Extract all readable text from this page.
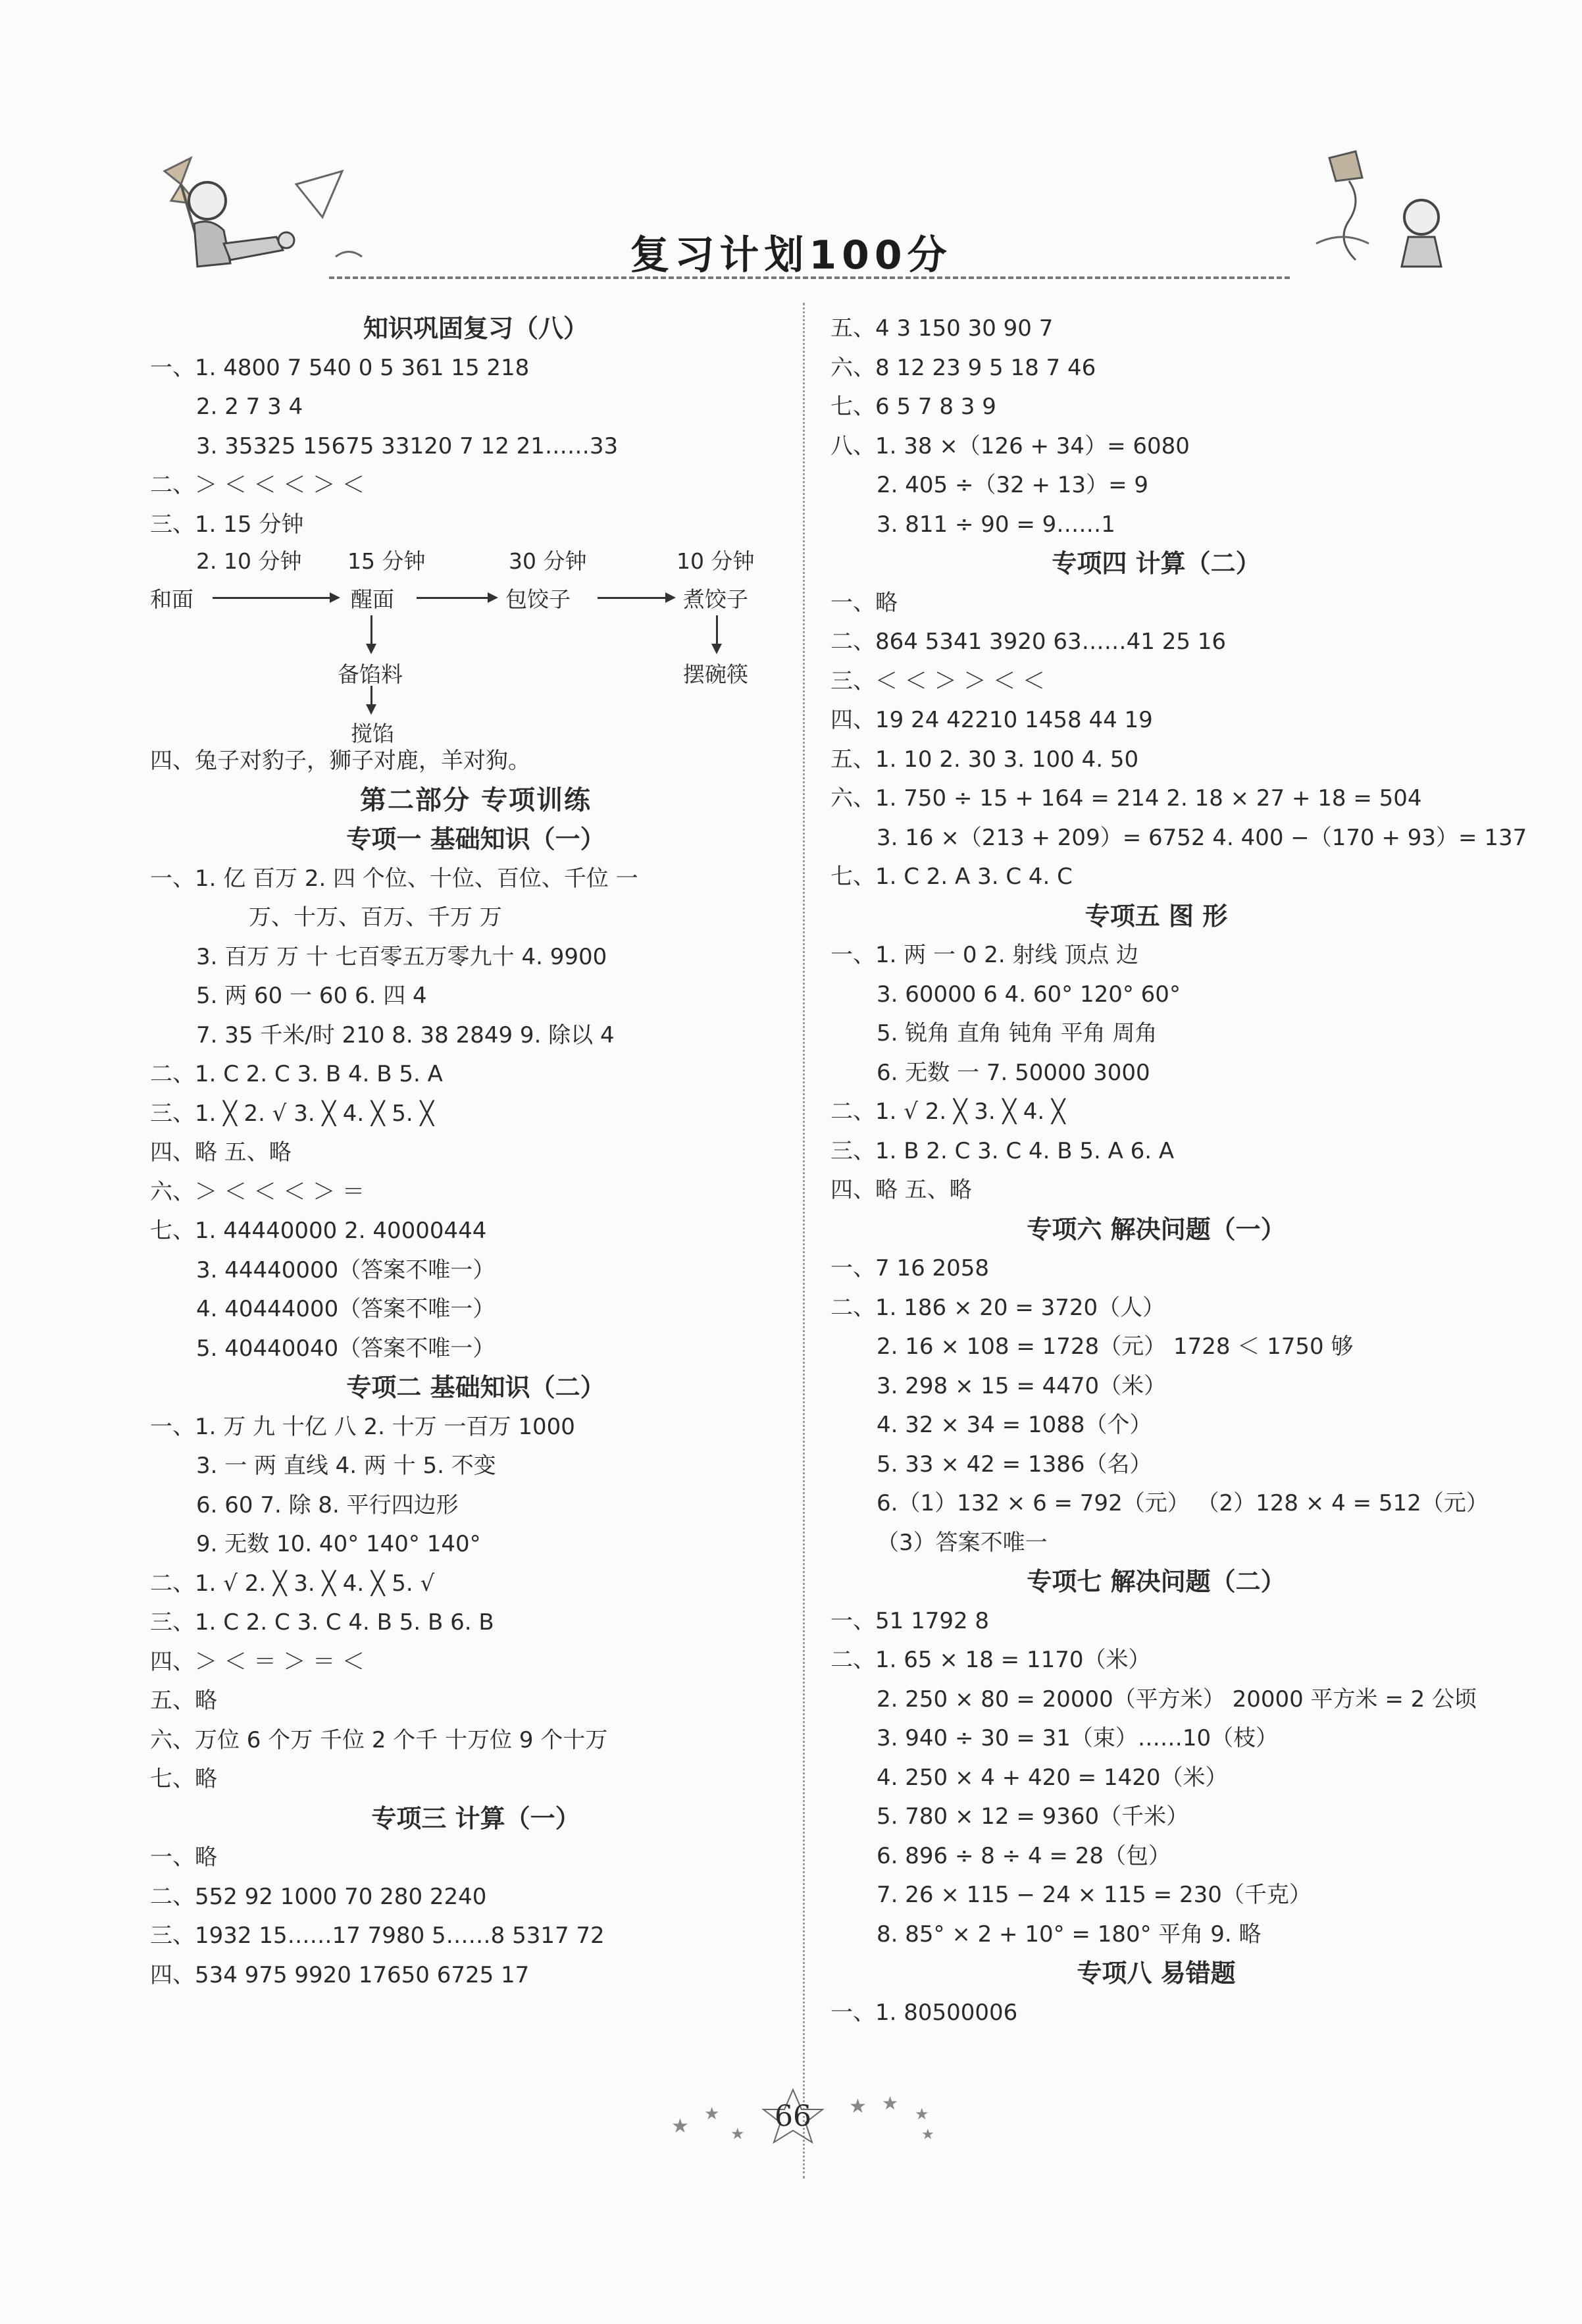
复习计划100分
知识巩固复习（八）
一、1. 4800 7 540 0 5 361 15 218
2. 2 7 3 4
3. 35325 15675 33120 7 12 21……33
二、＞ ＜ ＜ ＜ ＞ ＜
三、1. 15 分钟
2. 10 分钟 15 分钟	30 分钟	10 分钟
和面	醒面	包饺子	煮饺子
备馅料
搅馅
摆碗筷
四、兔子对豹子，狮子对鹿，羊对狗。
第二部分 专项训练
专项一 基础知识（一）
一、1. 亿 百万 2. 四 个位、十位、百位、千位 一
万、十万、百万、千万 万
3. 百万 万 十 七百零五万零九十 4. 9900
5. 两 60 一 60 6. 四 4
7. 35 千米/时 210 8. 38 2849 9. 除以 4
二、1. C 2. C 3. B 4. B 5. A
三、1. ╳ 2. √ 3. ╳ 4. ╳ 5. ╳
四、略 五、略
六、＞ ＜ ＜ ＜ ＞ ＝
七、1. 44440000 2. 40000444
3. 44440000（答案不唯一）
4. 40444000（答案不唯一）
5. 40440040（答案不唯一）
专项二 基础知识（二）
一、1. 万 九 十亿 八 2. 十万 一百万 1000
3. 一 两 直线 4. 两 十 5. 不变
6. 60 7. 除 8. 平行四边形
9. 无数 10. 40° 140° 140°
二、1. √ 2. ╳ 3. ╳ 4. ╳ 5. √
三、1. C 2. C 3. C 4. B 5. B 6. B
四、＞ ＜ ＝ ＞ ＝ ＜
五、略
六、万位 6 个万 千位 2 个千 十万位 9 个十万
七、略
专项三 计算（一）
一、略
二、552 92 1000 70 280 2240
三、1932 15……17 7980 5……8 5317 72
四、534 975 9920 17650 6725 17
五、4 3 150 30 90 7
六、8 12 23 9 5 18 7 46
七、6 5 7 8 3 9
八、1. 38 ×（126 + 34）= 6080
2. 405 ÷（32 + 13）= 9
3. 811 ÷ 90 = 9……1
专项四 计算（二）
一、略
二、864 5341 3920 63……41 25 16
三、＜ ＜ ＞ ＞ ＜ ＜
四、19 24 42210 1458 44 19
五、1. 10 2. 30 3. 100 4. 50
六、1. 750 ÷ 15 + 164 = 214 2. 18 × 27 + 18 = 504
3. 16 ×（213 + 209）= 6752 4. 400 −（170 + 93）= 137
七、1. C 2. A 3. C 4. C
专项五 图 形
一、1. 两 一 0 2. 射线 顶点 边
3. 60000 6 4. 60° 120° 60°
5. 锐角 直角 钝角 平角 周角
6. 无数 一 7. 50000 3000
二、1. √ 2. ╳ 3. ╳ 4. ╳
三、1. B 2. C 3. C 4. B 5. A 6. A
四、略 五、略
专项六 解决问题（一）
一、7 16 2058
二、1. 186 × 20 = 3720（人）
2. 16 × 108 = 1728（元） 1728 ＜ 1750 够
3. 298 × 15 = 4470（米）
4. 32 × 34 = 1088（个）
5. 33 × 42 = 1386（名）
6.（1）132 × 6 = 792（元） （2）128 × 4 = 512（元）
（3）答案不唯一
专项七 解决问题（二）
一、51 1792 8
二、1. 65 × 18 = 1170（米）
2. 250 × 80 = 20000（平方米） 20000 平方米 = 2 公顷
3. 940 ÷ 30 = 31（束）……10（枝）
4. 250 × 4 + 420 = 1420（米）
5. 780 × 12 = 9360（千米）
6. 896 ÷ 8 ÷ 4 = 28（包）
7. 26 × 115 − 24 × 115 = 230（千克）
8. 85° × 2 + 10° = 180° 平角 9. 略
专项八 易错题
一、1. 80500006
★
★
★
★ ★ ★
★
66
